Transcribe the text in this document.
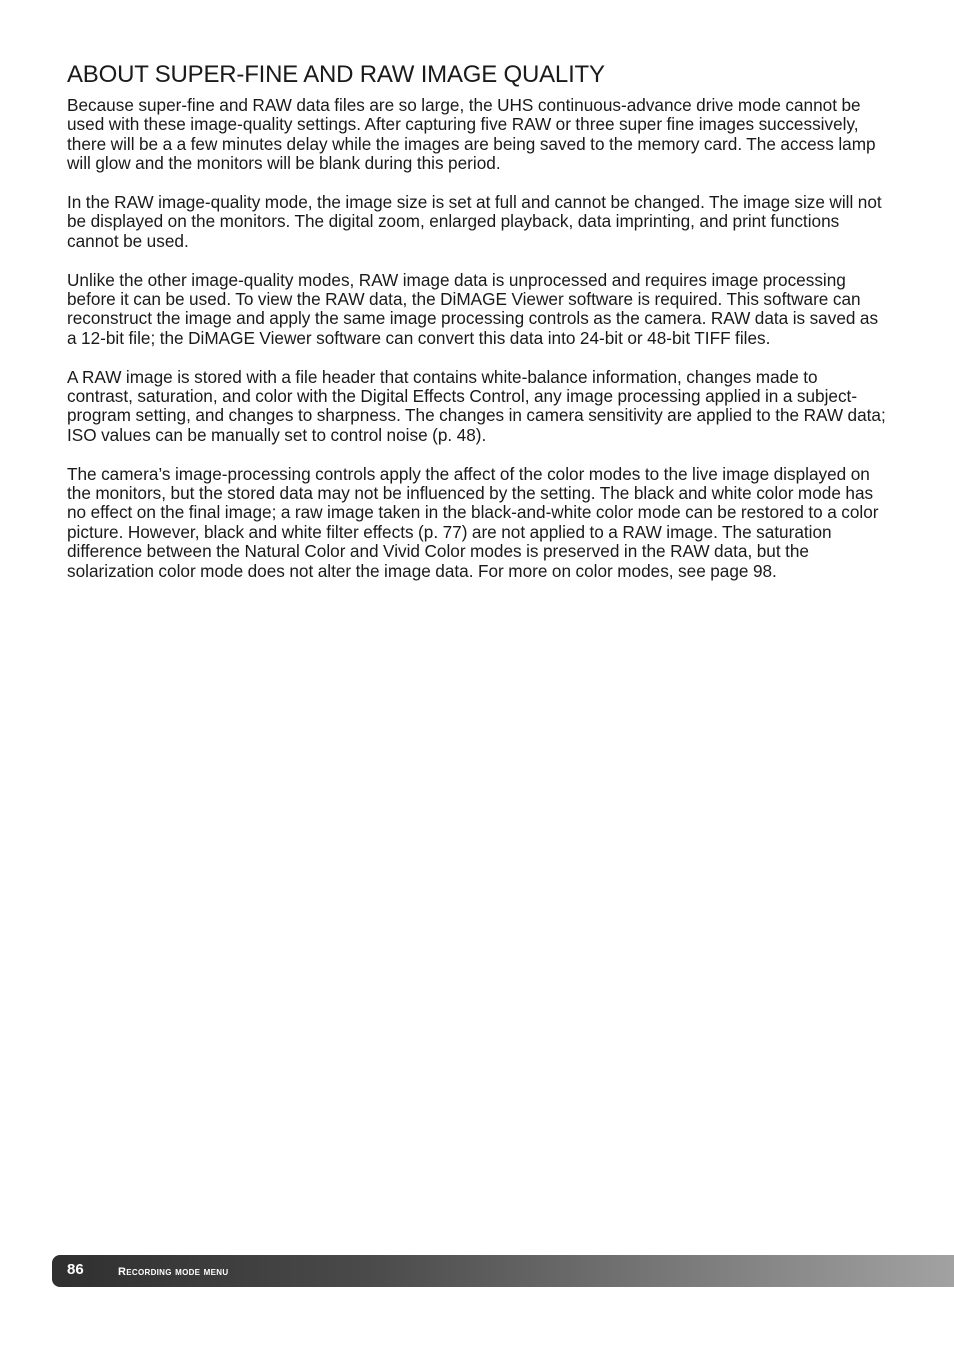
ABOUT SUPER-FINE AND RAW IMAGE QUALITY

Because super-fine and RAW data files are so large, the UHS continuous-advance drive mode cannot be used with these image-quality settings. After capturing five RAW or three super fine images successively, there will be a a few minutes delay while the images are being saved to the memory card. The access lamp will glow and the monitors will be blank during this period.

In the RAW image-quality mode, the image size is set at full and cannot be changed. The image size will not be displayed on the monitors. The digital zoom, enlarged playback, data imprinting, and print functions cannot be used.

Unlike the other image-quality modes, RAW image data is unprocessed and requires image processing before it can be used. To view the RAW data, the DiMAGE Viewer software is required. This software can reconstruct the image and apply the same image processing controls as the camera. RAW data is saved as a 12-bit file; the DiMAGE Viewer software can convert this data into 24-bit or 48-bit TIFF files.

A RAW image is stored with a file header that contains white-balance information, changes made to contrast, saturation, and color with the Digital Effects Control, any image processing applied in a subject-program setting, and changes to sharpness. The changes in camera sensitivity are applied to the RAW data; ISO values can be manually set to control noise (p. 48).

The camera’s image-processing controls apply the affect of the color modes to the live image displayed on the monitors, but the stored data may not be influenced by the setting. The black and white color mode has no effect on the final image; a raw image taken in the black-and-white color mode can be restored to a color picture. However, black and white filter effects (p. 77) are not applied to a RAW image. The saturation difference between the Natural Color and Vivid Color modes is preserved in the RAW data, but the solarization color mode does not alter the image data. For more on color modes, see page 98.

86	recording mode menu
